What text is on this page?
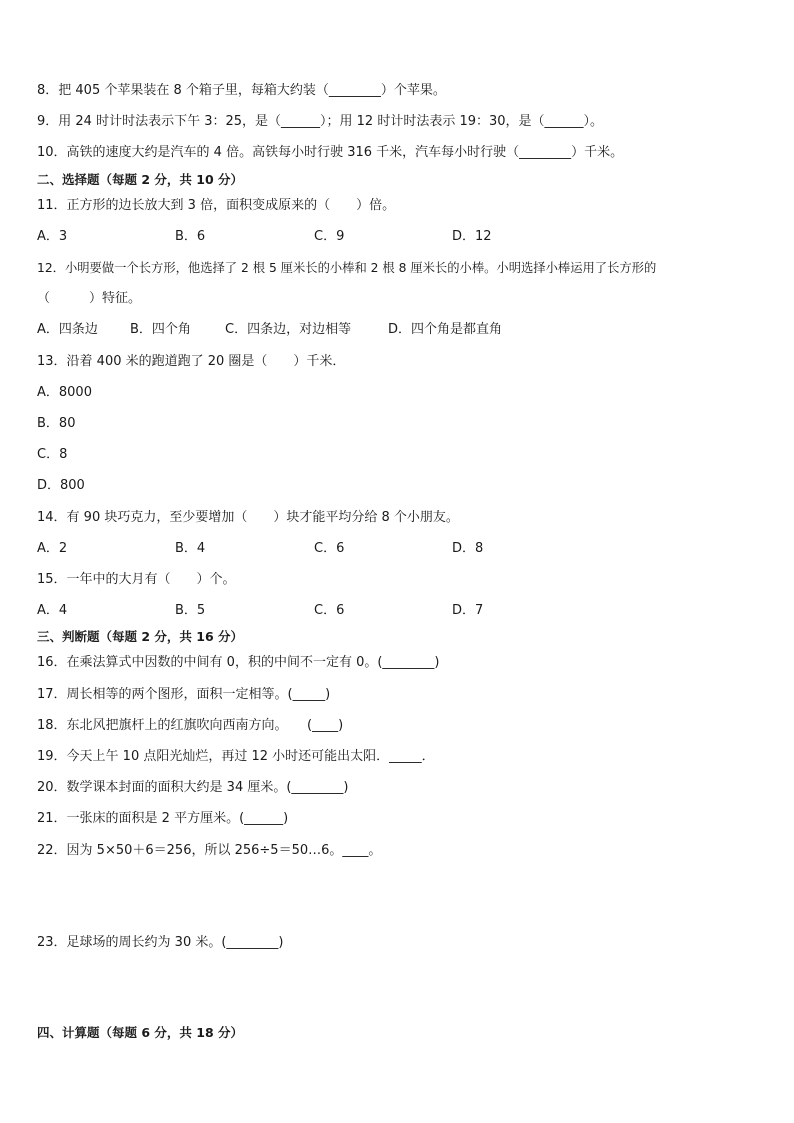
8．把 405 个苹果装在 8 个箱子里，每箱大约装（________）个苹果。
9．用 24 时计时法表示下午 3：25，是（______）；用 12 时计时法表示 19：30，是（______）。
10．高铁的速度大约是汽车的 4 倍。高铁每小时行驶 316 千米，汽车每小时行驶（________）千米。
二、选择题（每题 2 分，共 10 分）
11．正方形的边长放大到 3 倍，面积变成原来的（　　）倍。
A．3	B．6	C．9	D．12
12．小明要做一个长方形，他选择了 2 根 5 厘米长的小棒和 2 根 8 厘米长的小棒。小明选择小棒运用了长方形的
（　　　）特征。
A．四条边 B．四个角	C．四条边，对边相等	D．四个角是都直角
13．沿着 400 米的跑道跑了 20 圈是（　　）千米．
A．8000
B．80
C．8
D．800
14．有 90 块巧克力，至少要增加（　　）块才能平均分给 8 个小朋友。
A．2	B．4	C．6	D．8
15．一年中的大月有（　　）个。
A．4	B．5	C．6	D．7
三、判断题（每题 2 分，共 16 分）
16．在乘法算式中因数的中间有 0，积的中间不一定有 0。(________)
17．周长相等的两个图形，面积一定相等。(_____)
18．东北风把旗杆上的红旗吹向西南方向。　　(____)
19．今天上午 10 点阳光灿烂，再过 12 小时还可能出太阳．_____．
20．数学课本封面的面积大约是 34 厘米。(________)
21．一张床的面积是 2 平方厘米。(______)
22．因为 5×50＋6＝256，所以 256÷5＝50…6。____。
23．足球场的周长约为 30 米。(________)
四、计算题（每题 6 分，共 18 分）
